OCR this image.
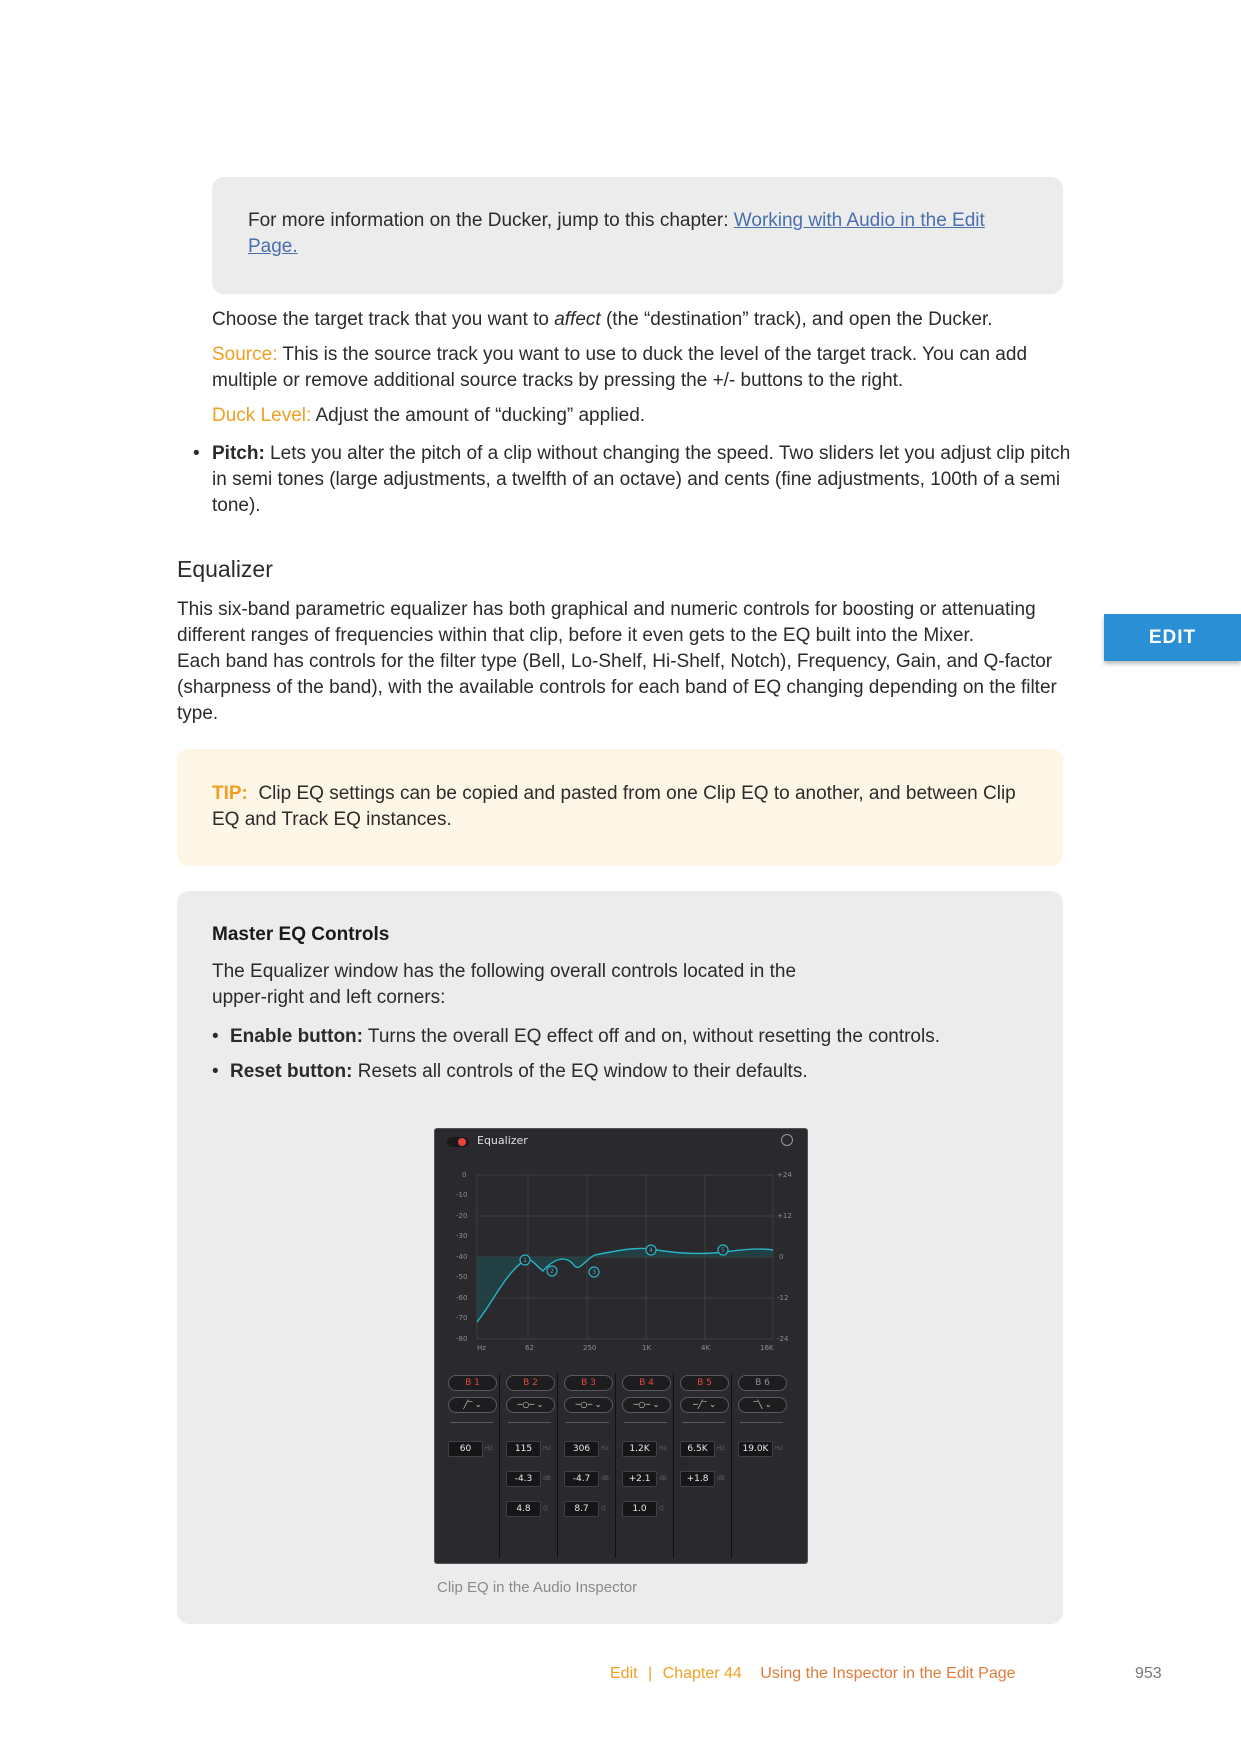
For more information on the Ducker, jump to this chapter: Working with Audio in the Edit Page.
Choose the target track that you want to affect (the “destination” track), and open the Ducker.
Source: This is the source track you want to use to duck the level of the target track. You can add multiple or remove additional source tracks by pressing the +/- buttons to the right.
Duck Level: Adjust the amount of “ducking” applied.
• Pitch: Lets you alter the pitch of a clip without changing the speed. Two sliders let you adjust clip pitch in semi tones (large adjustments, a twelfth of an octave) and cents (fine adjustments, 100th of a semi tone).
Equalizer
This six-band parametric equalizer has both graphical and numeric controls for boosting or attenuating different ranges of frequencies within that clip, before it even gets to the EQ built into the Mixer.
Each band has controls for the filter type (Bell, Lo-Shelf, Hi-Shelf, Notch), Frequency, Gain, and Q-factor (sharpness of the band), with the available controls for each band of EQ changing depending on the filter type.
EDIT
TIP: Clip EQ settings can be copied and pasted from one Clip EQ to another, and between Clip EQ and Track EQ instances.
Master EQ Controls
The Equalizer window has the following overall controls located in the upper-right and left corners:
• Enable button: Turns the overall EQ effect off and on, without resetting the controls.
• Reset button: Resets all controls of the EQ window to their defaults.
Equalizer
0
-10
-20
-30
-40
-50
-60
-70
-80
+24
+12
0
-12
-24
Hz	62	250	1K	4K	16K
1
2	3
4	5
B 1
╱‾ ⌄
60	Hz
B 2
─○─ ⌄
115	Hz
-4.3	dB
4.8	Q
B 3
─○─ ⌄
306	Hz
-4.7	dB
8.7	Q
B 4
─○─ ⌄
1.2K	Hz
+2.1	dB
1.0	Q
B 5
─╱‾ ⌄
6.5K	Hz
+1.8	dB
B 6
‾╲ ⌄
19.0K	Hz
Clip EQ in the Audio Inspector
Edit | Chapter 44 Using the Inspector in the Edit Page	953
